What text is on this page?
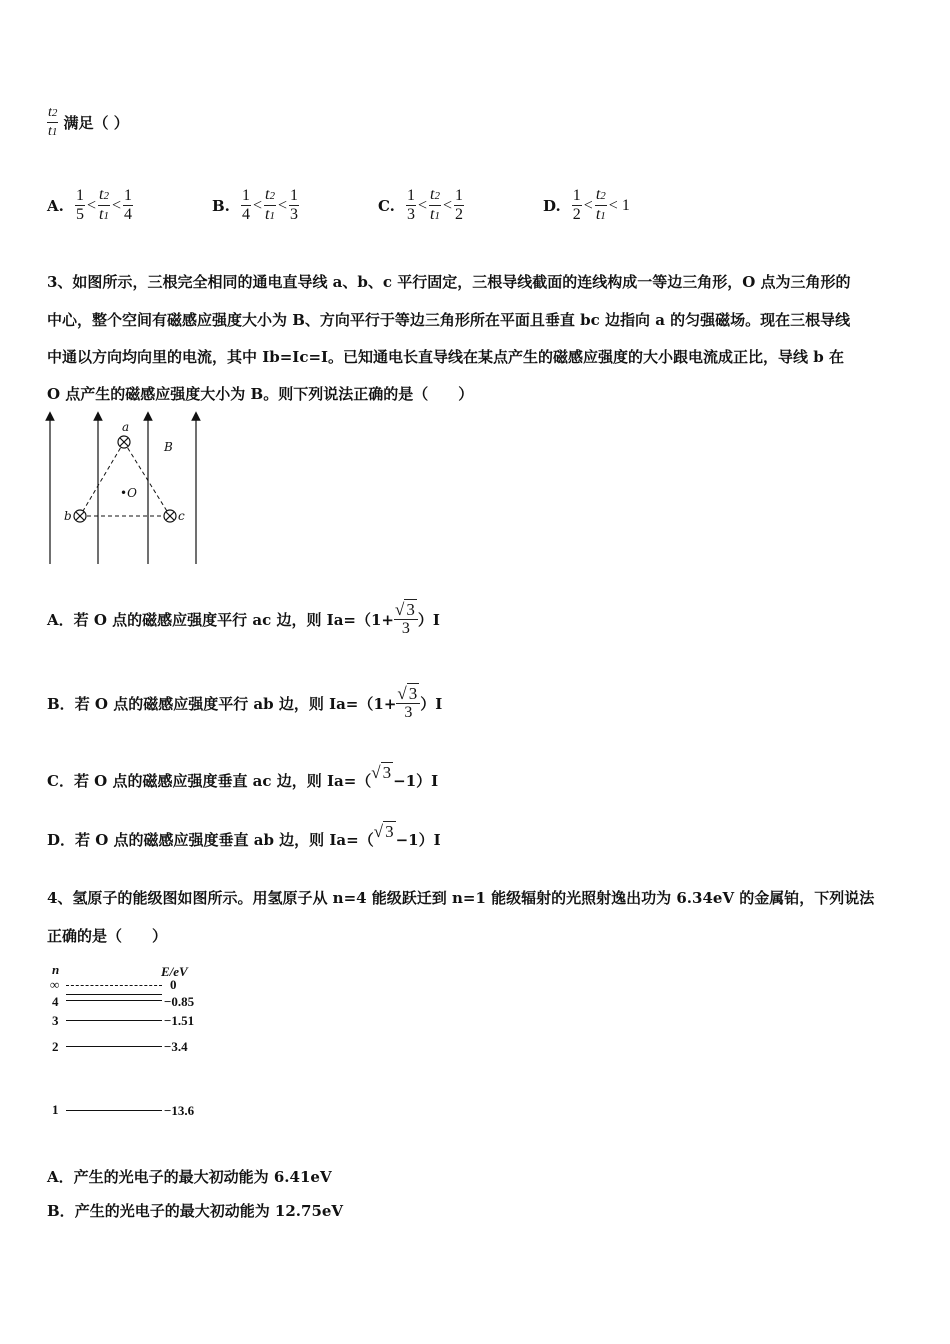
$\frac{t2}{t1}$ 满足（ ）
A. $\frac{1}{5} < \frac{t2}{t1} < \frac{1}{4}$	B. $\frac{1}{4} < \frac{t2}{t1} < \frac{1}{3}$	C. $\frac{1}{3} < \frac{t2}{t1} < \frac{1}{2}$	D. $\frac{1}{2} < \frac{t2}{t1} < 1$
3、如图所示，三根完全相同的通电直导线 a、b、c 平行固定，三根导线截面的连线构成一等边三角形，O 点为三角形的
中心，整个空间有磁感应强度大小为 B、方向平行于等边三角形所在平面且垂直 bc 边指向 a 的匀强磁场。现在三根导线
中通以方向均向里的电流，其中 Ib=Ic=I。已知通电长直导线在某点产生的磁感应强度的大小跟电流成正比，导线 b 在
O 点产生的磁感应强度大小为 B。则下列说法正确的是（　　）
a
b	c
•O
B
A．若 O 点的磁感应强度平行 ac 边，则 $Ia=(1+ \frac{√ 3}{3} )I$
B．若 O 点的磁感应强度平行 ab 边，则 $Ia=(1+ \frac{√ 3}{3} )I$
C．若 O 点的磁感应强度垂直 ac 边，则 Ia=（√ 3 −1）I
D．若 O 点的磁感应强度垂直 ab 边，则 Ia=（√ 3 −1）I
4、氢原子的能级图如图所示。用氢原子从 n=4 能级跃迁到 n=1 能级辐射的光照射逸出功为 6.34eV 的金属铂，下列说法
正确的是（　　）
n	E/eV
∞	0
4	−0.85
3	−1.51
2	−3.4
1	−13.6
A．产生的光电子的最大初动能为 6.41eV
B．产生的光电子的最大初动能为 12.75eV
